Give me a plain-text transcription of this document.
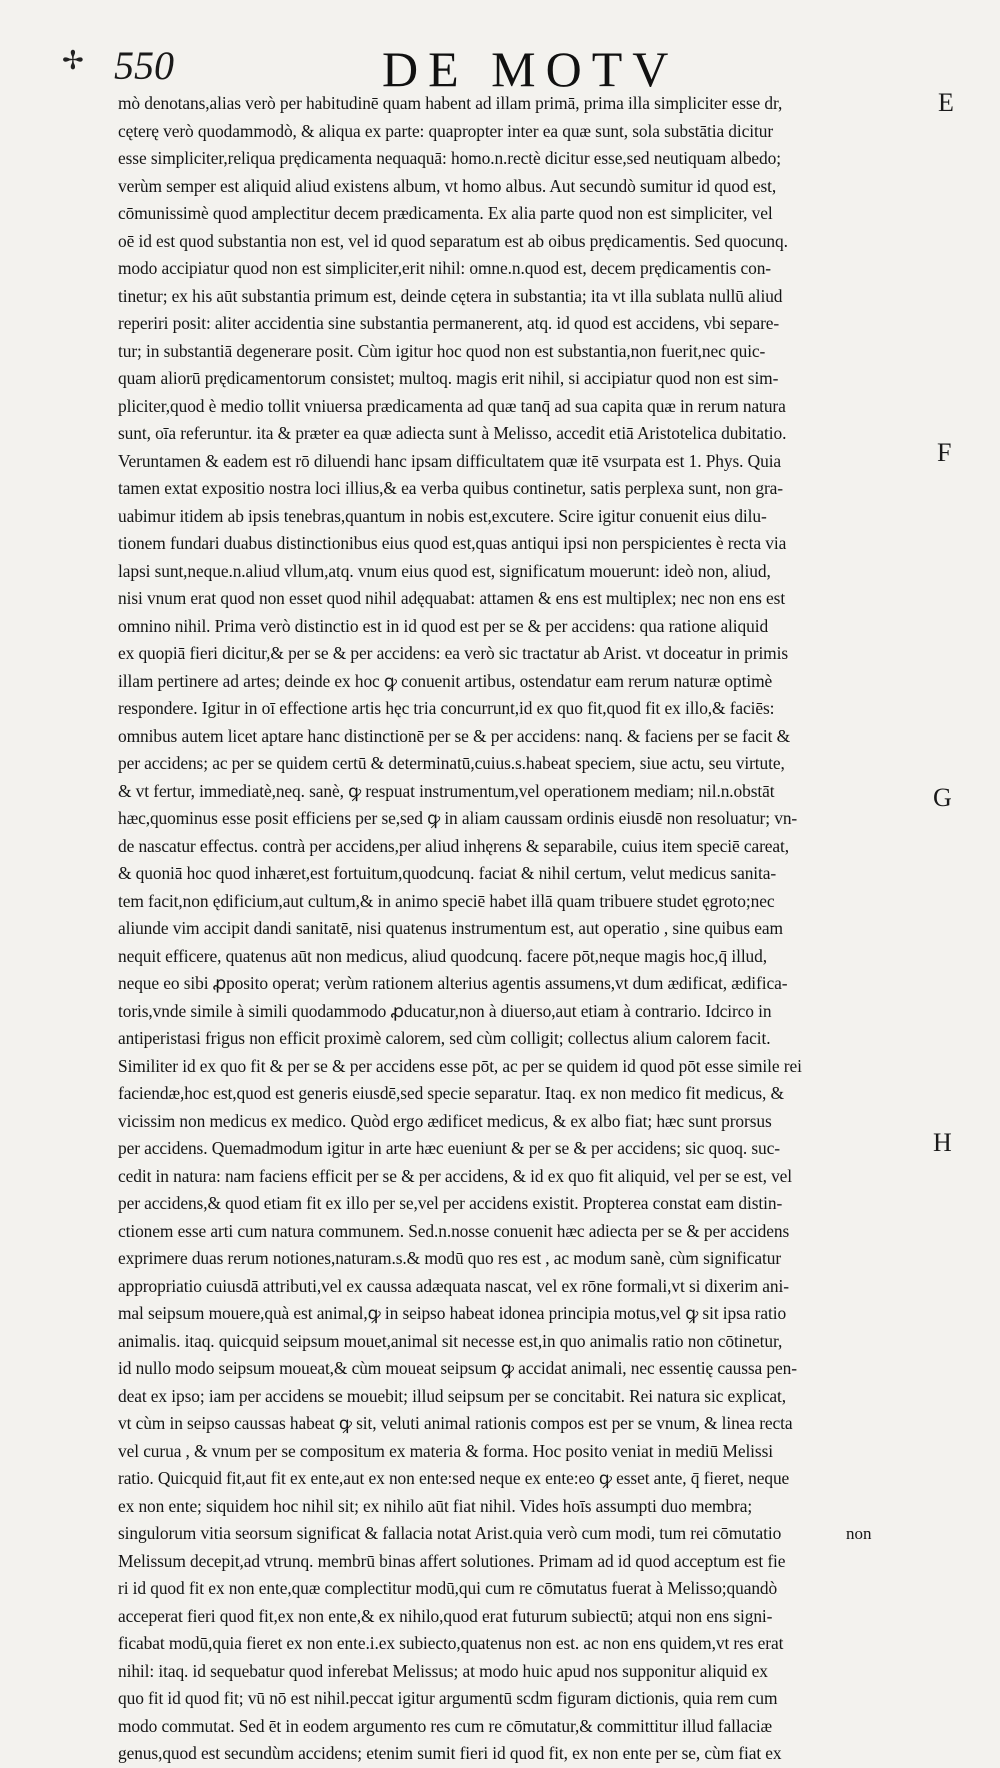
✢ 550	DE MOTV
E
F
G
H
mò denotans,alias verò per habitudinē quam habent ad illam primā, prima illa simpliciter esse dr,
cęterę verò quodammodò, & aliqua ex parte: quapropter inter ea quæ sunt, sola substātia dicitur
esse simpliciter,reliqua prędicamenta nequaquā: homo.n.rectè dicitur esse,sed neutiquam albedo;
verùm semper est aliquid aliud existens album, vt homo albus. Aut secundò sumitur id quod est,
cōmunissimè quod amplectitur decem prædicamenta. Ex alia parte quod non est simpliciter, vel
oē id est quod substantia non est, vel id quod separatum est ab oibus prędicamentis. Sed quocunq.
modo accipiatur quod non est simpliciter,erit nihil: omne.n.quod est, decem prędicamentis con-
tinetur; ex his aūt substantia primum est, deinde cętera in substantia; ita vt illa sublata nullū aliud
reperiri posit: aliter accidentia sine substantia permanerent, atq. id quod est accidens, vbi separe-
tur; in substantiā degenerare posit. Cùm igitur hoc quod non est substantia,non fuerit,nec quic-
quam aliorū prędicamentorum consistet; multoq. magis erit nihil, si accipiatur quod non est sim-
pliciter,quod è medio tollit vniuersa prædicamenta ad quæ tanq̄ ad sua capita quæ in rerum natura
sunt, oīa referuntur. ita & præter ea quæ adiecta sunt à Melisso, accedit etiā Aristotelica dubitatio.
Veruntamen & eadem est rō diluendi hanc ipsam difficultatem quæ itē vsurpata est 1. Phys. Quia
tamen extat expositio nostra loci illius,& ea verba quibus continetur, satis perplexa sunt, non gra-
uabimur itidem ab ipsis tenebras,quantum in nobis est,excutere. Scire igitur conuenit eius dilu-
tionem fundari duabus distinctionibus eius quod est,quas antiqui ipsi non perspicientes è recta via
lapsi sunt,neque.n.aliud vllum,atq. vnum eius quod est, significatum mouerunt: ideò non, aliud,
nisi vnum erat quod non esset quod nihil adęquabat: attamen & ens est multiplex; nec non ens est
omnino nihil. Prima verò distinctio est in id quod est per se & per accidens: qua ratione aliquid
ex quopiā fieri dicitur,& per se & per accidens: ea verò sic tractatur ab Arist. vt doceatur in primis
illam pertinere ad artes; deinde ex hoc ꝙ conuenit artibus, ostendatur eam rerum naturæ optimè
respondere. Igitur in oī effectione artis hęc tria concurrunt,id ex quo fit,quod fit ex illo,& faciēs:
omnibus autem licet aptare hanc distinctionē per se & per accidens: nanq. & faciens per se facit &
per accidens; ac per se quidem certū & determinatū,cuius.s.habeat speciem, siue actu, seu virtute,
& vt fertur, immediatè,neq. sanè, ꝙ respuat instrumentum,vel operationem mediam; nil.n.obstāt
hæc,quominus esse posit efficiens per se,sed ꝙ in aliam caussam ordinis eiusdē non resoluatur; vn-
de nascatur effectus. contrà per accidens,per aliud inhęrens & separabile, cuius item speciē careat,
& quoniā hoc quod inhæret,est fortuitum,quodcunq. faciat & nihil certum, velut medicus sanita-
tem facit,non ędificium,aut cultum,& in animo speciē habet illā quam tribuere studet ęgroto;nec
aliunde vim accipit dandi sanitatē, nisi quatenus instrumentum est, aut operatio , sine quibus eam
nequit efficere, quatenus aūt non medicus, aliud quodcunq. facere pōt,neque magis hoc,q̄ illud,
neque eo sibi ꝓposito operat; verùm rationem alterius agentis assumens,vt dum ædificat, ædifica-
toris,vnde simile à simili quodammodo ꝓducatur,non à diuerso,aut etiam à contrario. Idcirco in
antiperistasi frigus non efficit proximè calorem, sed cùm colligit; collectus alium calorem facit.
Similiter id ex quo fit & per se & per accidens esse pōt, ac per se quidem id quod pōt esse simile rei
faciendæ,hoc est,quod est generis eiusdē,sed specie separatur. Itaq. ex non medico fit medicus, &
vicissim non medicus ex medico. Quòd ergo ædificet medicus, & ex albo fiat; hæc sunt prorsus
per accidens. Quemadmodum igitur in arte hæc eueniunt & per se & per accidens; sic quoq. suc-
cedit in natura: nam faciens efficit per se & per accidens, & id ex quo fit aliquid, vel per se est, vel
per accidens,& quod etiam fit ex illo per se,vel per accidens existit. Propterea constat eam distin-
ctionem esse arti cum natura communem. Sed.n.nosse conuenit hæc adiecta per se & per accidens
exprimere duas rerum notiones,naturam.s.& modū quo res est , ac modum sanè, cùm significatur
appropriatio cuiusdā attributi,vel ex caussa adæquata nascat, vel ex rōne formali,vt si dixerim ani-
mal seipsum mouere,quà est animal,ꝙ in seipso habeat idonea principia motus,vel ꝙ sit ipsa ratio
animalis. itaq. quicquid seipsum mouet,animal sit necesse est,in quo animalis ratio non cōtinetur,
id nullo modo seipsum moueat,& cùm moueat seipsum ꝙ accidat animali, nec essentię caussa pen-
deat ex ipso; iam per accidens se mouebit; illud seipsum per se concitabit. Rei natura sic explicat,
vt cùm in seipso caussas habeat ꝙ sit, veluti animal rationis compos est per se vnum, & linea recta
vel curua , & vnum per se compositum ex materia & forma. Hoc posito veniat in mediū Melissi
ratio. Quicquid fit,aut fit ex ente,aut ex non ente:sed neque ex ente:eo ꝙ esset ante, q̄ fieret, neque
ex non ente; siquidem hoc nihil sit; ex nihilo aūt fiat nihil. Vides hoīs assumpti duo membra;
singulorum vitia seorsum significat & fallacia notat Arist.quia verò cum modi, tum rei cōmutatio
Melissum decepit,ad vtrunq. membrū binas affert solutiones. Primam ad id quod acceptum est fie
ri id quod fit ex non ente,quæ complectitur modū,qui cum re cōmutatus fuerat à Melisso;quandò
acceperat fieri quod fit,ex non ente,& ex nihilo,quod erat futurum subiectū; atqui non ens signi-
ficabat modū,quia fieret ex non ente.i.ex subiecto,quatenus non est. ac non ens quidem,vt res erat
nihil: itaq. id sequebatur quod inferebat Melissus; at modo huic apud nos supponitur aliquid ex
quo fit id quod fit; vū nō est nihil.peccat igitur argumentū scdm figuram dictionis, quia rem cum
modo commutat. Sed ēt in eodem argumento res cum re cōmutatur,& committitur illud fallaciæ
genus,quod est secundùm accidens; etenim sumit fieri id quod fit, ex non ente per se, cùm fiat ex
non
